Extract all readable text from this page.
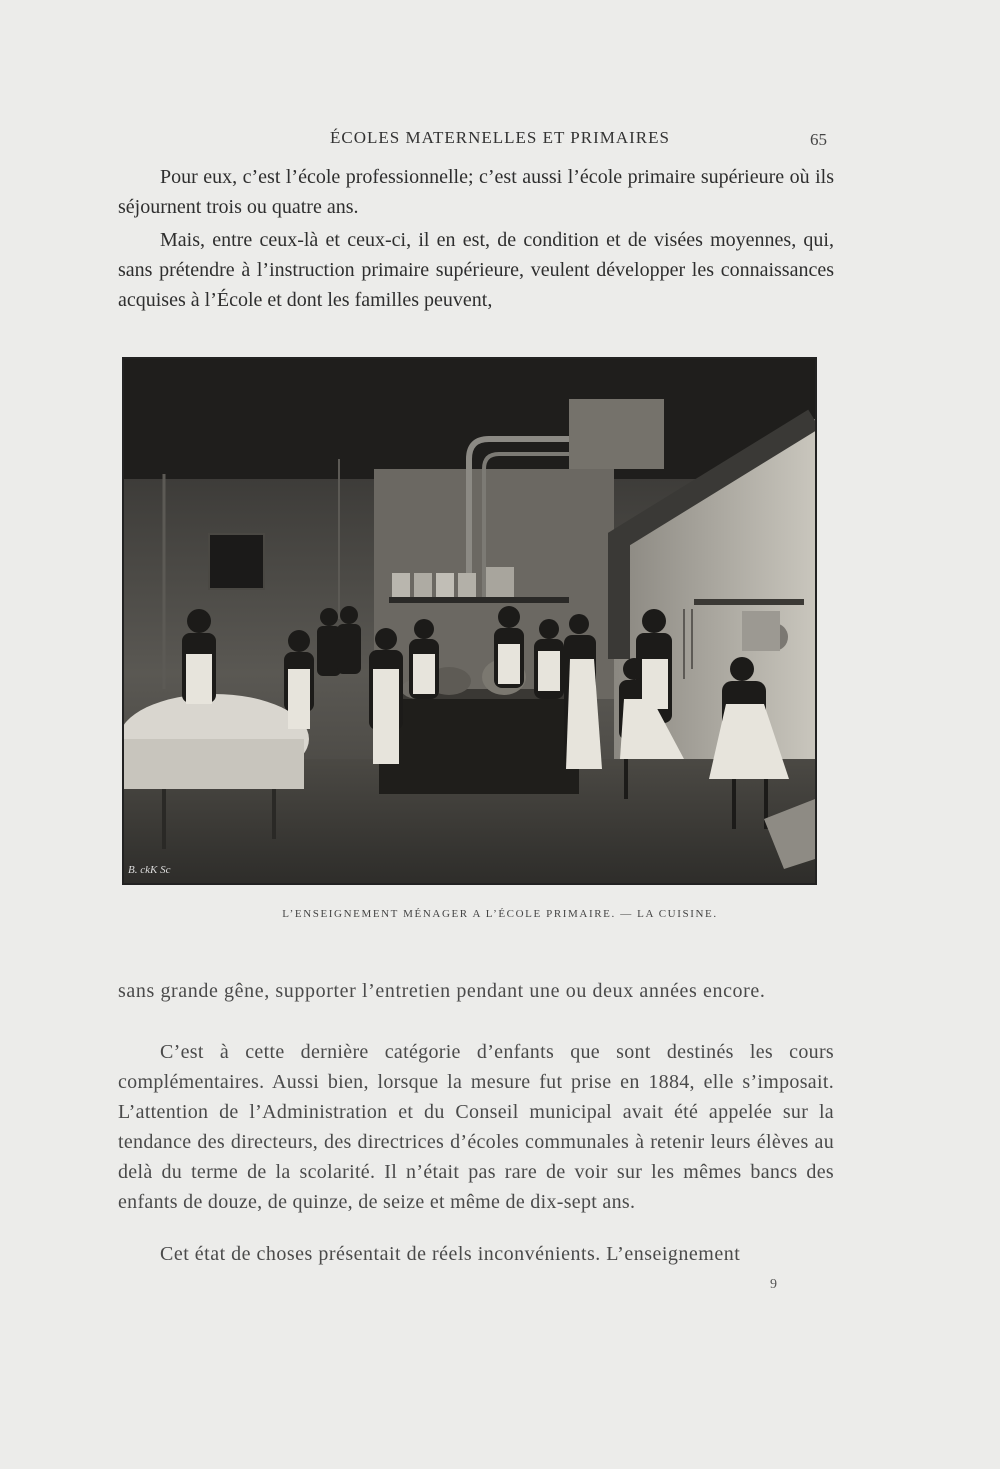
ÉCOLES MATERNELLES ET PRIMAIRES	65

Pour eux, c’est l’école professionnelle; c’est aussi l’école primaire supérieure où ils séjournent trois ou quatre ans.

Mais, entre ceux-là et ceux-ci, il en est, de condition et de visées moyennes, qui, sans prétendre à l’instruction primaire supérieure, veulent développer les connaissances acquises à l’École et dont les familles peuvent,

B. ckK Sc
L’ENSEIGNEMENT MÉNAGER A L’ÉCOLE PRIMAIRE. — LA CUISINE.

sans grande gêne, supporter l’entretien pendant une ou deux années encore.

C’est à cette dernière catégorie d’enfants que sont destinés les cours complémentaires. Aussi bien, lorsque la mesure fut prise en 1884, elle s’imposait. L’attention de l’Administration et du Conseil municipal avait été appelée sur la tendance des directeurs, des directrices d’écoles communales à retenir leurs élèves au delà du terme de la scolarité. Il n’était pas rare de voir sur les mêmes bancs des enfants de douze, de quinze, de seize et même de dix-sept ans.

Cet état de choses présentait de réels inconvénients. L’enseignement

9
